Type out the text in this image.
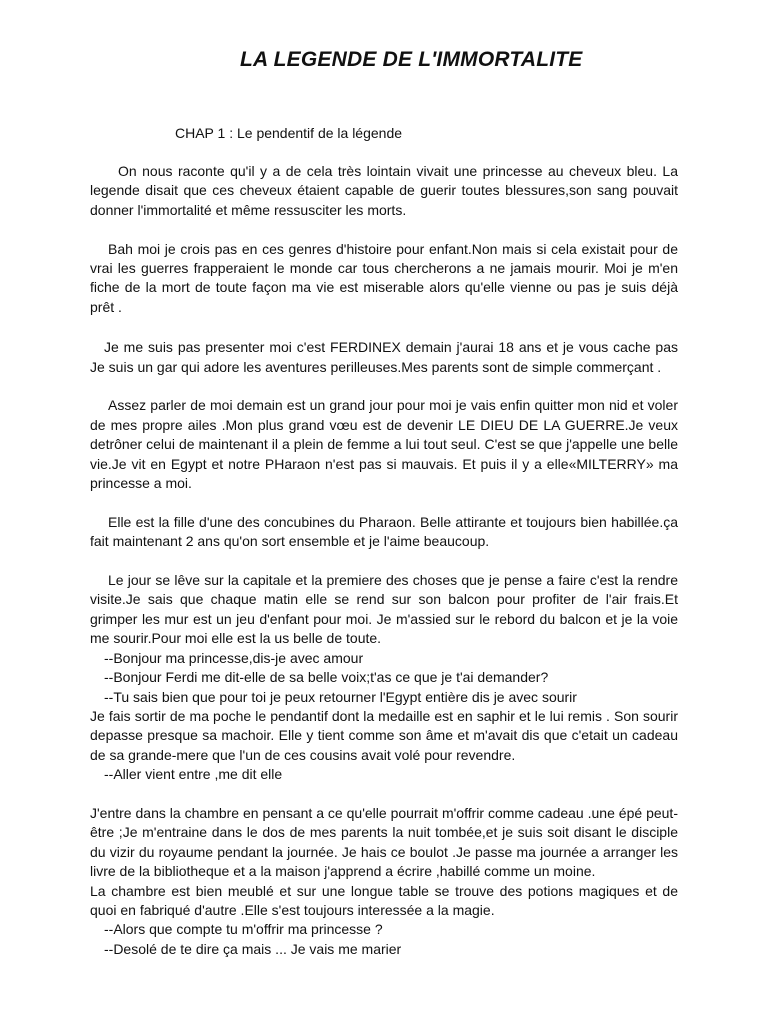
LA LEGENDE DE L'IMMORTALITE

CHAP 1 : Le pendentif de la légende

On nous raconte qu'il y a de cela très lointain vivait une princesse au cheveux bleu. La legende disait que ces cheveux étaient capable de guerir toutes blessures,son sang pouvait donner l'immortalité et même ressusciter les morts.

Bah moi je crois pas en ces genres d'histoire pour enfant.Non mais si cela existait pour de vrai les guerres frapperaient le monde car tous chercherons a ne jamais mourir. Moi je m'en fiche de la mort de toute façon ma vie est miserable alors qu'elle vienne ou pas je suis déjà prêt .

Je me suis pas presenter moi c'est FERDINEX demain j'aurai 18 ans et je vous cache pas Je suis un gar qui adore les aventures perilleuses.Mes parents sont de simple commerçant .

Assez parler de moi demain est un grand jour pour moi je vais enfin quitter mon nid et voler de mes propre ailes .Mon plus grand vœu est de devenir LE DIEU DE LA GUERRE.Je veux detrôner celui de maintenant il a plein de femme a lui tout seul. C'est se que j'appelle une belle vie.Je vit en Egypt et notre PHaraon n'est pas si mauvais. Et puis il y a elle«MILTERRY» ma princesse a moi.

Elle est la fille d'une des concubines du Pharaon. Belle attirante et toujours bien habillée.ça fait maintenant 2 ans qu'on sort ensemble et je l'aime beaucoup.

Le jour se lêve sur la capitale et la premiere des choses que je pense a faire c'est la rendre visite.Je sais que chaque matin elle se rend sur son balcon pour profiter de l'air frais.Et grimper les mur est un jeu d'enfant pour moi. Je m'assied sur le rebord du balcon et je la voie me sourir.Pour moi elle est la us belle de toute.

--Bonjour ma princesse,dis-je avec amour

--Bonjour Ferdi me dit-elle de sa belle voix;t'as ce que je t'ai demander?

--Tu sais bien que pour toi je peux retourner l'Egypt entière dis je avec sourir

Je fais sortir de ma poche le pendantif dont la medaille est en saphir et le lui remis . Son sourir depasse presque sa machoir. Elle y tient comme son âme et m'avait dis que c'etait un cadeau de sa grande-mere que l'un de ces cousins avait volé pour revendre.

--Aller vient entre ,me dit elle

J'entre dans la chambre en pensant a ce qu'elle pourrait m'offrir comme cadeau .une épé peut-être ;Je m'entraine dans le dos de mes parents la nuit tombée,et je suis soit disant le disciple du vizir du royaume pendant la journée. Je hais ce boulot .Je passe ma journée a arranger les livre de la bibliotheque et a la maison j'apprend a écrire ,habillé comme un moine.

La chambre est bien meublé et sur une longue table se trouve des potions magiques et de quoi en fabriqué d'autre .Elle s'est toujours interessée a la magie.

--Alors que compte tu m'offrir ma princesse ?

--Desolé de te dire ça mais ... Je vais me marier
